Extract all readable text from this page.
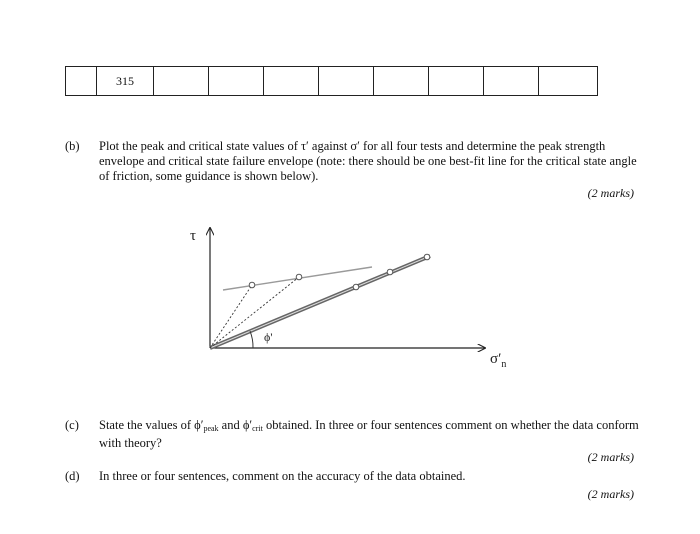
	315								
(b) Plot the peak and critical state values of τ′ against σ′ for all four tests and determine the peak strength envelope and critical state failure envelope (note: there should be one best-fit line for the critical state angle of friction, some guidance is shown below).
(2 marks)
τ
$\sigma'_n$
ϕ'
(c) State the values of $\phi'_{peak}$ and $\phi'_{crit}$ obtained. In three or four sentences comment on whether the data conform with theory?
(2 marks)
(d) In three or four sentences, comment on the accuracy of the data obtained.
(2 marks)
